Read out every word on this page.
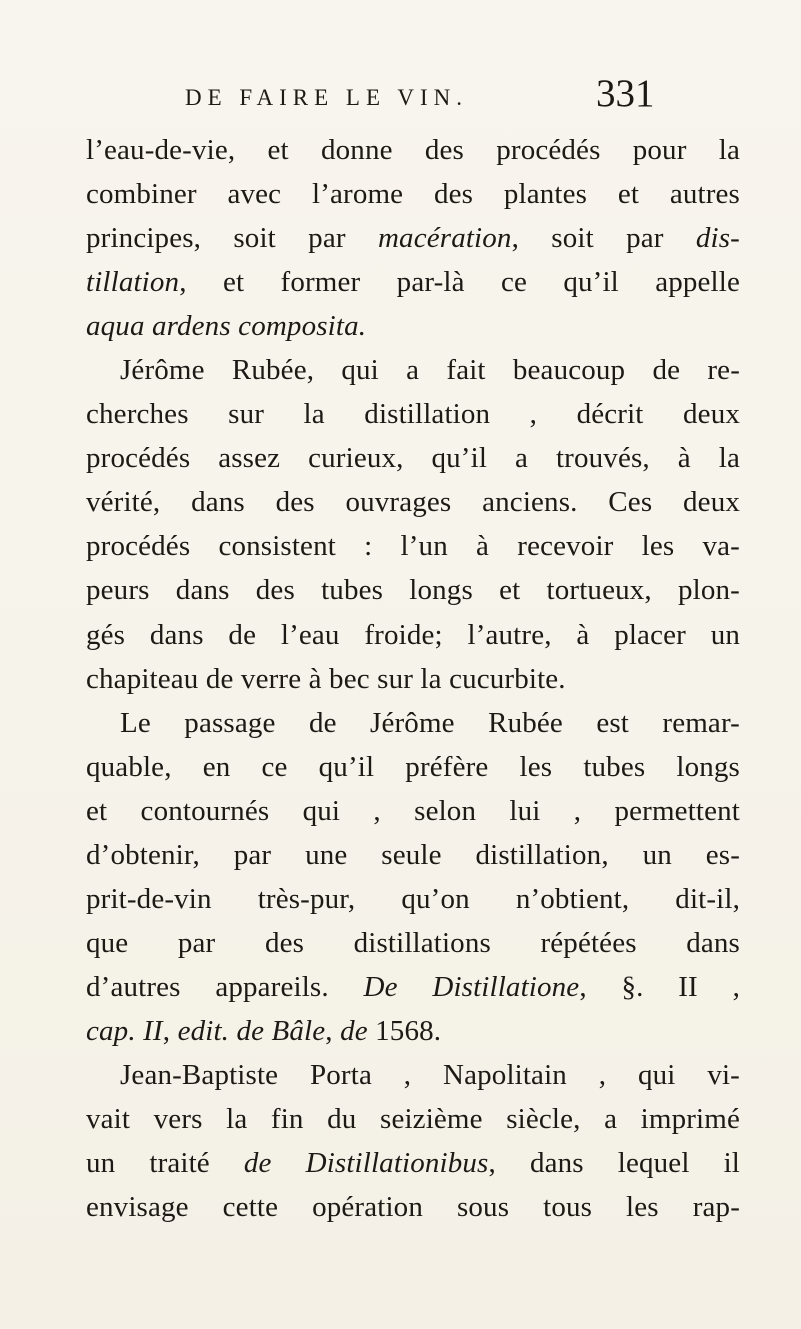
DE FAIRE LE VIN.	331
l’eau-de-vie, et donne des procédés pour la
combiner avec l’arome des plantes et autres
principes, soit par macération, soit par dis-
tillation, et former par-là ce qu’il appelle
aqua ardens composita.
Jérôme Rubée, qui a fait beaucoup de re-
cherches sur la distillation , décrit deux
procédés assez curieux, qu’il a trouvés, à la
vérité, dans des ouvrages anciens. Ces deux
procédés consistent : l’un à recevoir les va-
peurs dans des tubes longs et tortueux, plon-
gés dans de l’eau froide; l’autre, à placer un
chapiteau de verre à bec sur la cucurbite.
Le passage de Jérôme Rubée est remar-
quable, en ce qu’il préfère les tubes longs
et contournés qui , selon lui , permettent
d’obtenir, par une seule distillation, un es-
prit-de-vin très-pur, qu’on n’obtient, dit-il,
que par des distillations répétées dans
d’autres appareils. De Distillatione, §. II ,
cap. II, edit. de Bâle, de 1568.
Jean-Baptiste Porta , Napolitain , qui vi-
vait vers la fin du seizième siècle, a imprimé
un traité de Distillationibus, dans lequel il
envisage cette opération sous tous les rap-
